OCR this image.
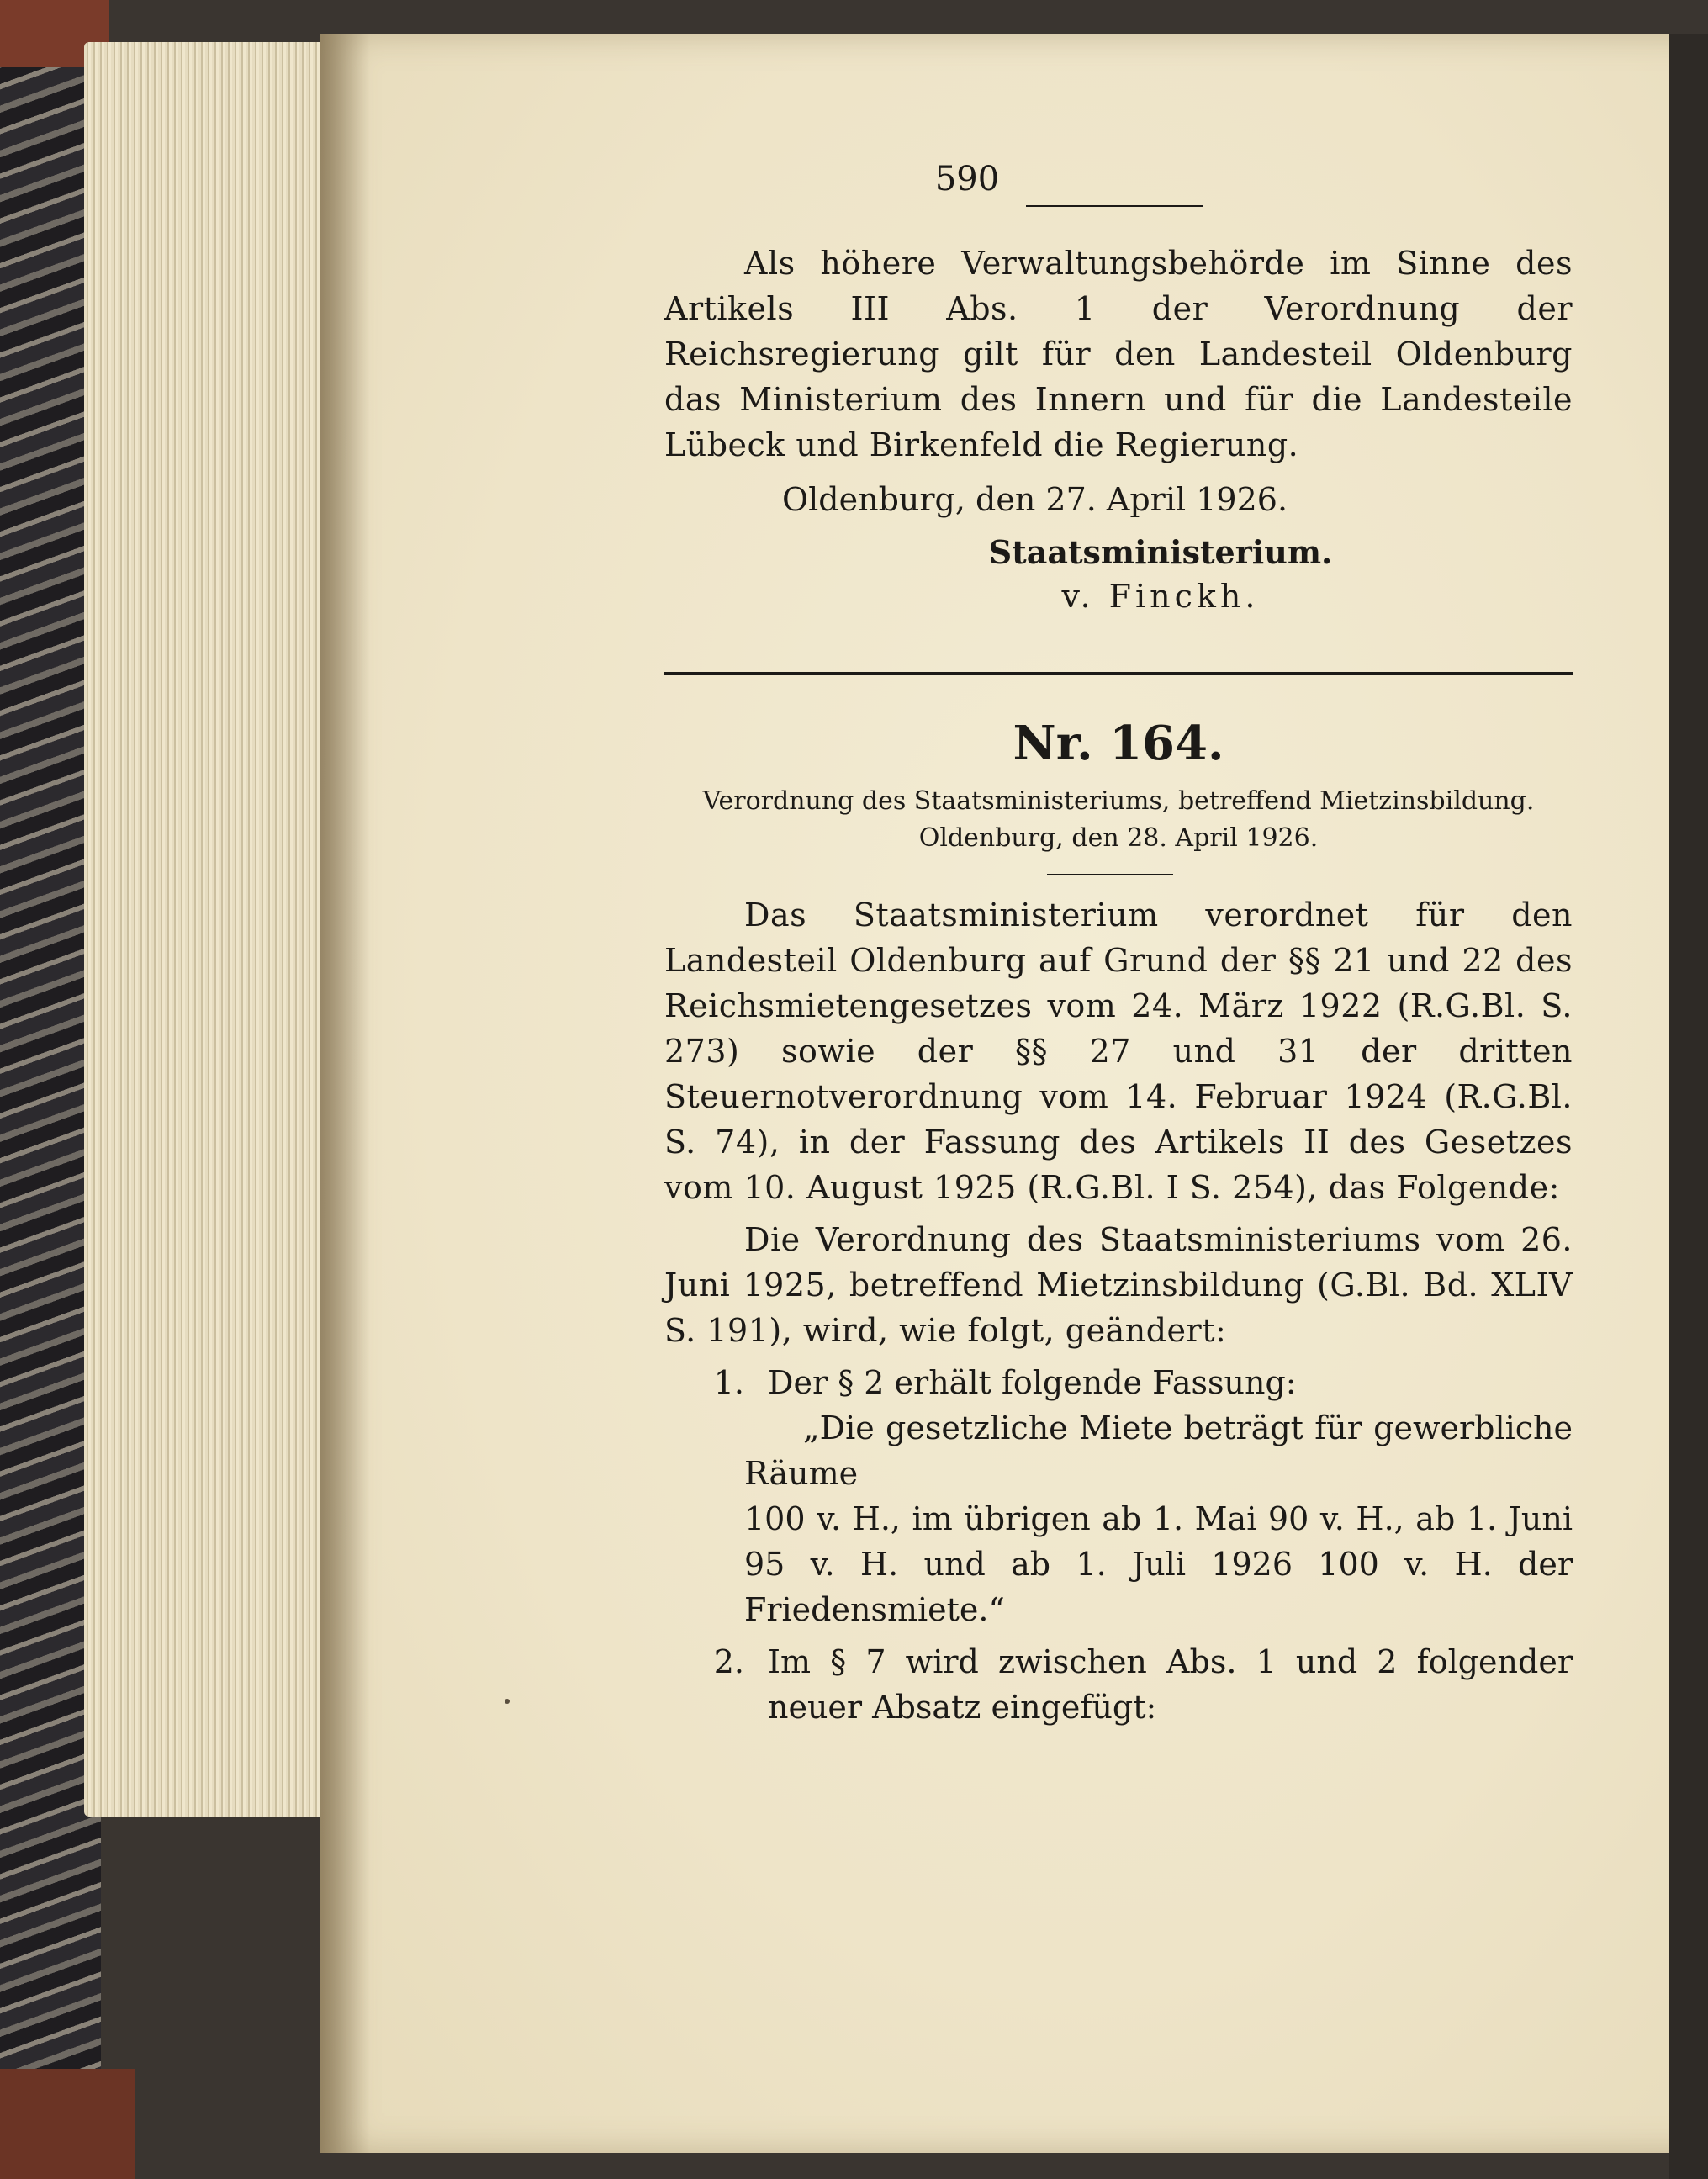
590

Als höhere Verwaltungsbehörde im Sinne des Artikels III Abs. 1 der Verordnung der Reichsregierung gilt für den Landesteil Oldenburg das Ministerium des Innern und für die Landesteile Lübeck und Birkenfeld die Regierung.

Oldenburg, den 27. April 1926.
Staatsministerium.
v. Finckh.
Nr. 164.

Verordnung des Staatsministeriums, betreffend Mietzinsbildung.

Oldenburg, den 28. April 1926.

Das Staatsministerium verordnet für den Landesteil Oldenburg auf Grund der §§ 21 und 22 des Reichsmietengesetzes vom 24. März 1922 (R.G.Bl. S. 273) sowie der §§ 27 und 31 der dritten Steuernotverordnung vom 14. Februar 1924 (R.G.Bl. S. 74), in der Fassung des Artikels II des Gesetzes vom 10. August 1925 (R.G.Bl. I S. 254), das Folgende:

Die Verordnung des Staatsministeriums vom 26. Juni 1925, betreffend Mietzinsbildung (G.Bl. Bd. XLIV S. 191), wird, wie folgt, geändert:

1. Der § 2 erhält folgende Fassung:

„Die gesetzliche Miete beträgt für gewerbliche Räume
100 v. H., im übrigen ab 1. Mai 90 v. H., ab 1. Juni 95 v. H. und ab 1. Juli 1926 100 v. H. der Friedensmiete.“

2. Im § 7 wird zwischen Abs. 1 und 2 folgender neuer Absatz eingefügt:
